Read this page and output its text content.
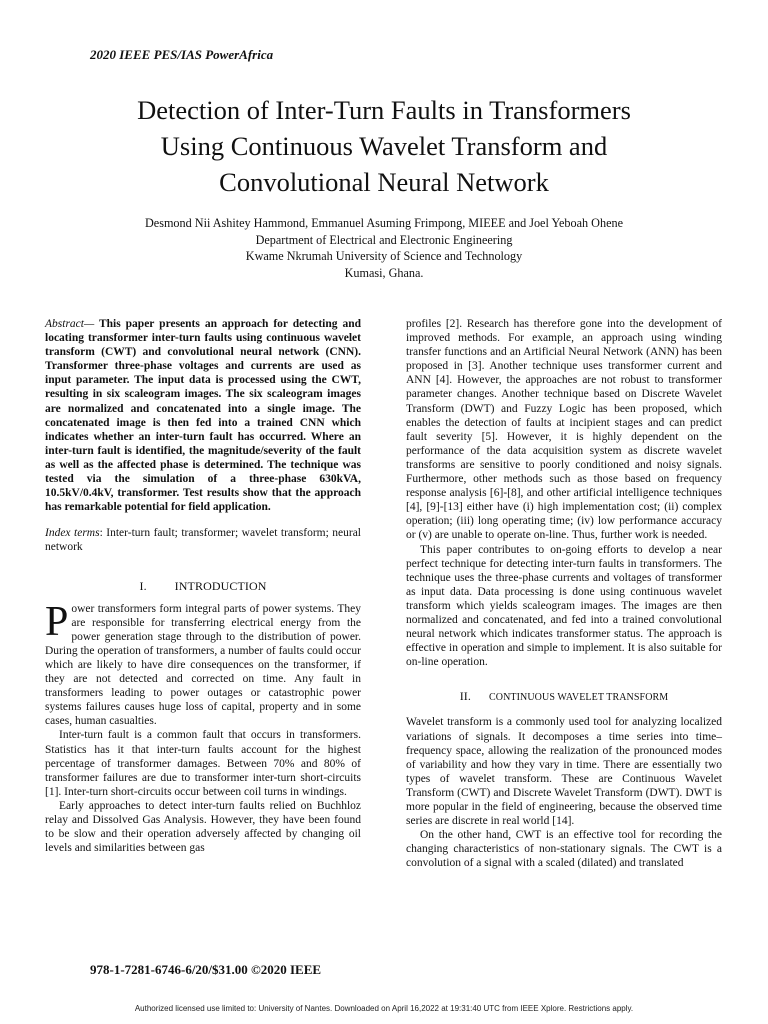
2020 IEEE PES/IAS PowerAfrica
Detection of Inter-Turn Faults in Transformers
Using Continuous Wavelet Transform and
Convolutional Neural Network
Desmond Nii Ashitey Hammond, Emmanuel Asuming Frimpong, MIEEE and Joel Yeboah Ohene
Department of Electrical and Electronic Engineering
Kwame Nkrumah University of Science and Technology
Kumasi, Ghana.

Abstract— This paper presents an approach for detecting and locating transformer inter-turn faults using continuous wavelet transform (CWT) and convolutional neural network (CNN). Transformer three-phase voltages and currents are used as input parameter. The input data is processed using the CWT, resulting in six scaleogram images. The six scaleogram images are normalized and concatenated into a single image. The concatenated image is then fed into a trained CNN which indicates whether an inter-turn fault has occurred. Where an inter-turn fault is identified, the magnitude/severity of the fault as well as the affected phase is determined. The technique was tested via the simulation of a three-phase 630kVA, 10.5kV/0.4kV, transformer. Test results show that the approach has remarkable potential for field application.

Index terms: Inter-turn fault; transformer; wavelet transform; neural network

I. INTRODUCTION

Power transformers form integral parts of power systems. They are responsible for transferring electrical energy from the power generation stage through to the distribution of power. During the operation of transformers, a number of faults could occur which are likely to have dire consequences on the transformer, if they are not detected and corrected on time. Any fault in transformers leading to power outages or catastrophic power systems failures causes huge loss of capital, property and in some cases, human casualties.

Inter-turn fault is a common fault that occurs in transformers. Statistics has it that inter-turn faults account for the highest percentage of transformer damages. Between 70% and 80% of transformer failures are due to transformer inter-turn short-circuits [1]. Inter-turn short-circuits occur between coil turns in windings.

Early approaches to detect inter-turn faults relied on Buchhloz relay and Dissolved Gas Analysis. However, they have been found to be slow and their operation adversely affected by changing oil levels and similarities between gas

profiles [2]. Research has therefore gone into the development of improved methods. For example, an approach using winding transfer functions and an Artificial Neural Network (ANN) has been proposed in [3]. Another technique uses transformer current and ANN [4]. However, the approaches are not robust to transformer parameter changes. Another technique based on Discrete Wavelet Transform (DWT) and Fuzzy Logic has been proposed, which enables the detection of faults at incipient stages and can predict fault severity [5]. However, it is highly dependent on the performance of the data acquisition system as discrete wavelet transforms are sensitive to poorly conditioned and noisy signals. Furthermore, other methods such as those based on frequency response analysis [6]-[8], and other artificial intelligence techniques [4], [9]-[13] either have (i) high implementation cost; (ii) complex operation; (iii) long operating time; (iv) low performance accuracy or (v) are unable to operate on-line. Thus, further work is needed.

This paper contributes to on-going efforts to develop a near perfect technique for detecting inter-turn faults in transformers. The technique uses the three-phase currents and voltages of transformer as input data. Data processing is done using continuous wavelet transform which yields scaleogram images. The images are then normalized and concatenated, and fed into a trained convolutional neural network which indicates transformer status. The approach is effective in operation and simple to implement. It is also suitable for on-line operation.

II. CONTINUOUS WAVELET TRANSFORM

Wavelet transform is a commonly used tool for analyzing localized variations of signals. It decomposes a time series into time–frequency space, allowing the realization of the pronounced modes of variability and how they vary in time. There are essentially two types of wavelet transform. These are Continuous Wavelet Transform (CWT) and Discrete Wavelet Transform (DWT). DWT is more popular in the field of engineering, because the observed time series are discrete in real world [14].

On the other hand, CWT is an effective tool for recording the changing characteristics of non-stationary signals. The CWT is a convolution of a signal with a scaled (dilated) and translated

978-1-7281-6746-6/20/$31.00 ©2020 IEEE
Authorized licensed use limited to: University of Nantes. Downloaded on April 16,2022 at 19:31:40 UTC from IEEE Xplore. Restrictions apply.
